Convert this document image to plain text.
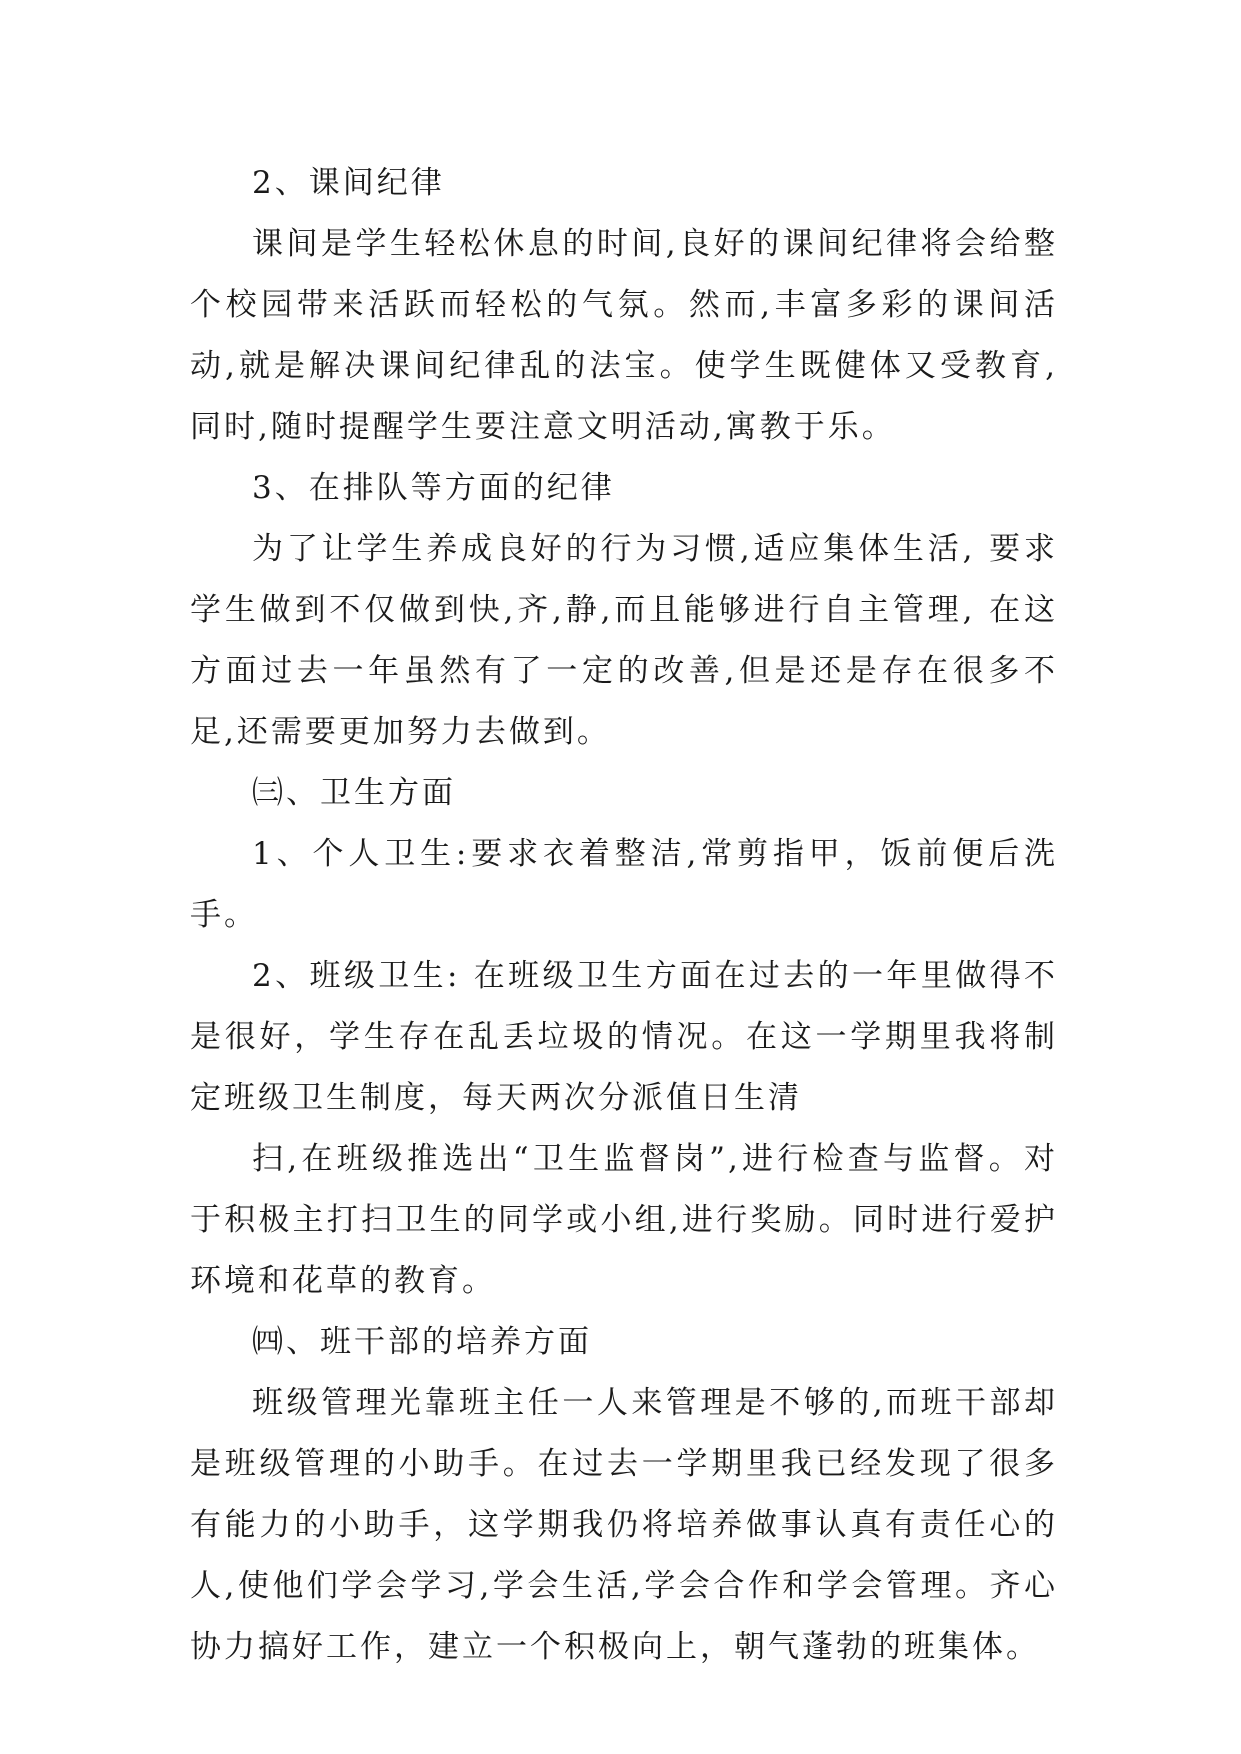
2、课间纪律

课间是学生轻松休息的时间,良好的课间纪律将会给整个校园带来活跃而轻松的气氛。然而,丰富多彩的课间活动,就是解决课间纪律乱的法宝。使学生既健体又受教育,同时,随时提醒学生要注意文明活动,寓教于乐。

3、在排队等方面的纪律

为了让学生养成良好的行为习惯,适应集体生活, 要求学生做到不仅做到快,齐,静,而且能够进行自主管理, 在这方面过去一年虽然有了一定的改善,但是还是存在很多不足,还需要更加努力去做到。

㈢、卫生方面

1、个人卫生:要求衣着整洁,常剪指甲，饭前便后洗手。

2、班级卫生: 在班级卫生方面在过去的一年里做得不是很好，学生存在乱丢垃圾的情况。在这一学期里我将制定班级卫生制度，每天两次分派值日生清

扫,在班级推选出“卫生监督岗”,进行检查与监督。对于积极主打扫卫生的同学或小组,进行奖励。同时进行爱护环境和花草的教育。

㈣、班干部的培养方面

班级管理光靠班主任一人来管理是不够的,而班干部却是班级管理的小助手。在过去一学期里我已经发现了很多有能力的小助手，这学期我仍将培养做事认真有责任心的人,使他们学会学习,学会生活,学会合作和学会管理。齐心协力搞好工作，建立一个积极向上，朝气蓬勃的班集体。
